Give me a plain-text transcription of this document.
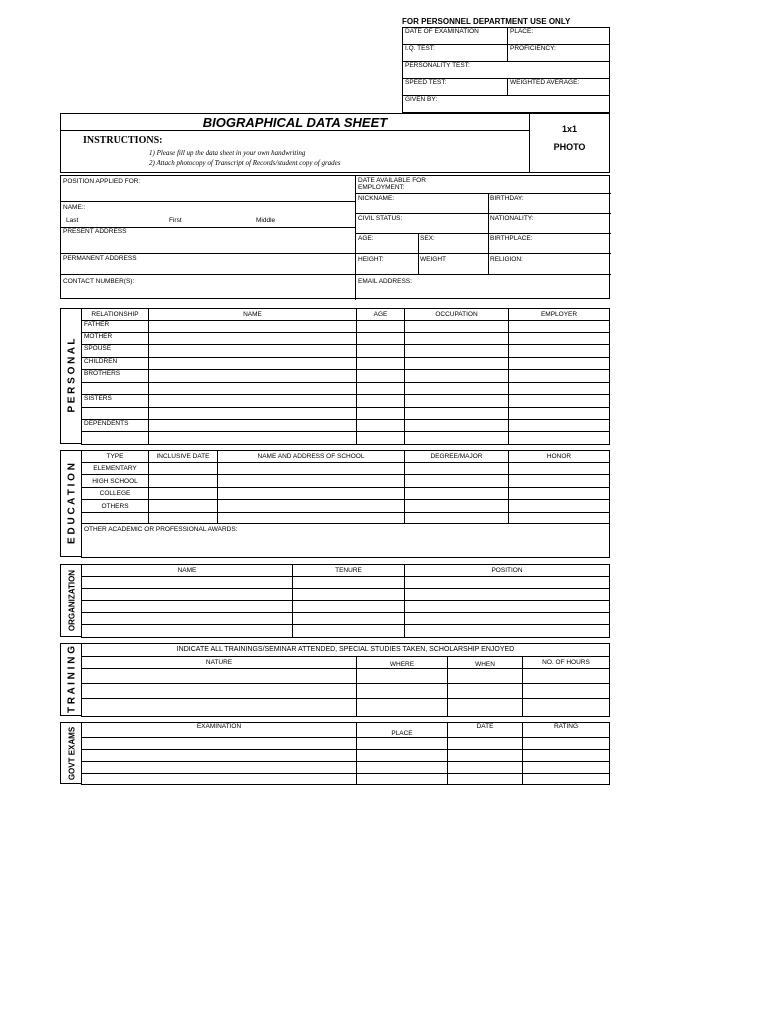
FOR PERSONNEL DEPARTMENT USE ONLY
DATE OF EXAMINATION	PLACE:
I.Q. TEST:	PROFICIENCY:
PERSONALITY TEST:	
SPEED TEST:	WEIGHTED AVERAGE:
GIVEN BY:	
BIOGRAPHICAL DATA SHEET
INSTRUCTIONS:
1) Please fill up the data sheet in your own handwriting
2) Attach photocopy of Transcript of Records/student copy of grades
1x1
PHOTO
POSITION APPLIED FOR:
NAME::
Last	First	Middle
PRESENT ADDRESS
PERMANENT ADDRESS
CONTACT NUMBER(S):
DATE AVAILABLE FOR EMPLOYMENT:
NICKNAME:	BIRTHDAY:
CIVIL STATUS:	NATIONALITY:
AGE:	SEX:	BIRTHPLACE:
HEIGHT:	WEIGHT	RELIGION:
EMAIL ADDRESS:
P E R S O N A L
RELATIONSHIP	NAME	AGE	OCCUPATION	EMPLOYER
FATHER				
MOTHER				
SPOUSE				
CHILDREN				
BROTHERS				

SISTERS				

DEPENDENTS				

E D U C A T I O N
TYPE	INCLUSIVE DATE	NAME AND ADDRESS OF SCHOOL	DEGREE/MAJOR	HONOR
ELEMENTARY				
HIGH SCHOOL				
COLLEGE				
OTHERS				

OTHER ACADEMIC OR PROFESSIONAL AWARDS:				
ORGANIZATION	NAME	TENURE	POSITION

T R A I N I N G	INDICATE ALL TRAININGS/SEMINAR ATTENDED, SPECIAL STUDIES TAKEN, SCHOLARSHIP ENJOYED
NATURE	WHERE	WHEN	NO. OF HOURS

GOVT EXAMS
EXAMINATION	PLACE	DATE	RATING
